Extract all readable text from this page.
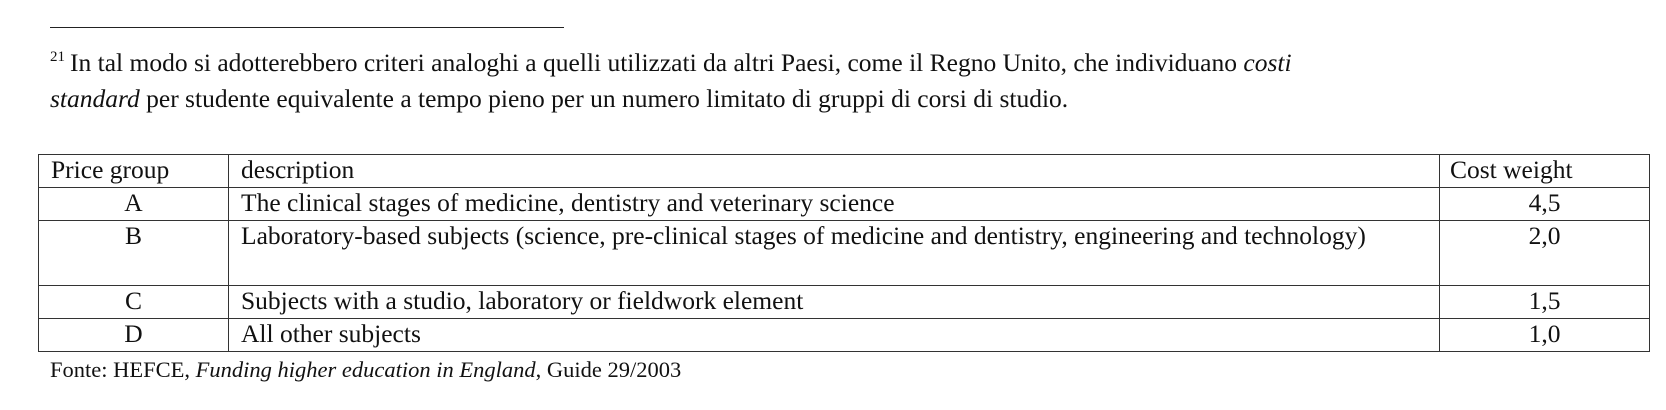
$^{21}$ In tal modo si adotterebbero criteri analoghi a quelli utilizzati da altri Paesi, come il Regno Unito, che individuano costi
standard per studente equivalente a tempo pieno per un numero limitato di gruppi di corsi di studio.
Price group	description	Cost weight
A	The clinical stages of medicine, dentistry and veterinary science	4,5
B	Laboratory-based subjects (science, pre-clinical stages of medicine and dentistry, engineering and technology)	2,0
C	Subjects with a studio, laboratory or fieldwork element	1,5
D	All other subjects	1,0
Fonte: HEFCE, Funding higher education in England, Guide 29/2003
